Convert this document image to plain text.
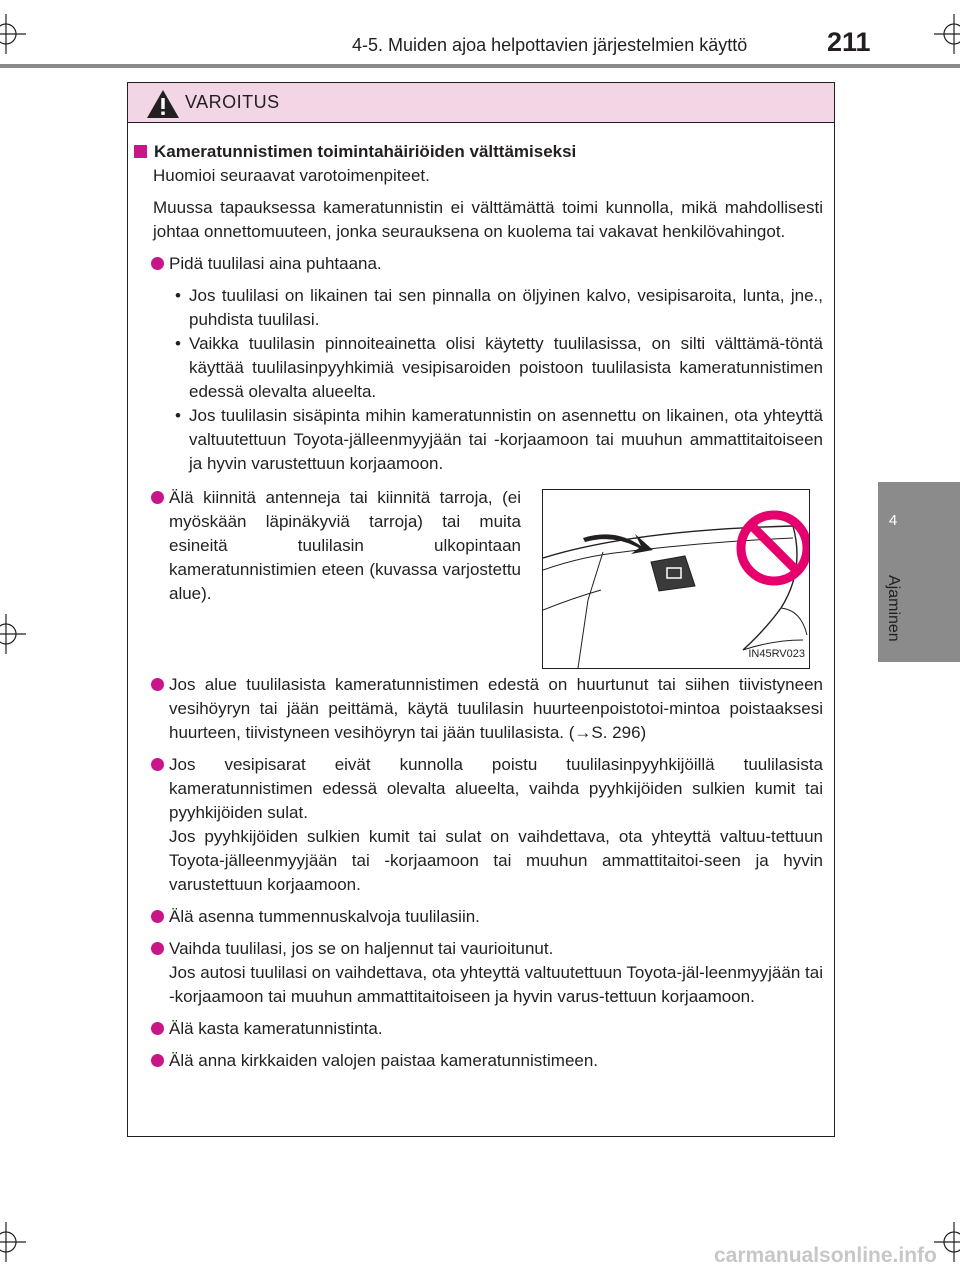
4-5. Muiden ajoa helpottavien järjestelmien käyttö	211
4
Ajaminen
VAROITUS
Kameratunnistimen toimintahäiriöiden välttämiseksi
Huomioi seuraavat varotoimenpiteet.
Muussa tapauksessa kameratunnistin ei välttämättä toimi kunnolla, mikä mahdollisesti johtaa onnettomuuteen, jonka seurauksena on kuolema tai vakavat henkilövahingot.
Pidä tuulilasi aina puhtaana.
• Jos tuulilasi on likainen tai sen pinnalla on öljyinen kalvo, vesipisaroita, lunta, jne., puhdista tuulilasi.
• Vaikka tuulilasin pinnoiteainetta olisi käytetty tuulilasissa, on silti välttämä-töntä käyttää tuulilasinpyyhkimiä vesipisaroiden poistoon tuulilasista kameratunnistimen edessä olevalta alueelta.
• Jos tuulilasin sisäpinta mihin kameratunnistin on asennettu on likainen, ota yhteyttä valtuutettuun Toyota-jälleenmyyjään tai -korjaamoon tai muuhun ammattitaitoiseen ja hyvin varustettuun korjaamoon.
Älä kiinnitä antenneja tai kiinnitä tarroja, (ei myöskään läpinäkyviä tarroja) tai muita esineitä tuulilasin ulkopintaan kameratunnistimien eteen (kuvassa varjostettu alue).
IN45RV023
Jos alue tuulilasista kameratunnistimen edestä on huurtunut tai siihen tiivistyneen vesihöyryn tai jään peittämä, käytä tuulilasin huurteenpoistotoi-mintoa poistaaksesi huurteen, tiivistyneen vesihöyryn tai jään tuulilasista. (→S. 296)
Jos vesipisarat eivät kunnolla poistu tuulilasinpyyhkijöillä tuulilasista kameratunnistimen edessä olevalta alueelta, vaihda pyyhkijöiden sulkien kumit tai pyyhkijöiden sulat.
Jos pyyhkijöiden sulkien kumit tai sulat on vaihdettava, ota yhteyttä valtuu-tettuun Toyota-jälleenmyyjään tai -korjaamoon tai muuhun ammattitaitoi-seen ja hyvin varustettuun korjaamoon.
Älä asenna tummennuskalvoja tuulilasiin.
Vaihda tuulilasi, jos se on haljennut tai vaurioitunut.
Jos autosi tuulilasi on vaihdettava, ota yhteyttä valtuutettuun Toyota-jäl-leenmyyjään tai -korjaamoon tai muuhun ammattitaitoiseen ja hyvin varus-tettuun korjaamoon.
Älä kasta kameratunnistinta.
Älä anna kirkkaiden valojen paistaa kameratunnistimeen.
carmanualsonline.info
